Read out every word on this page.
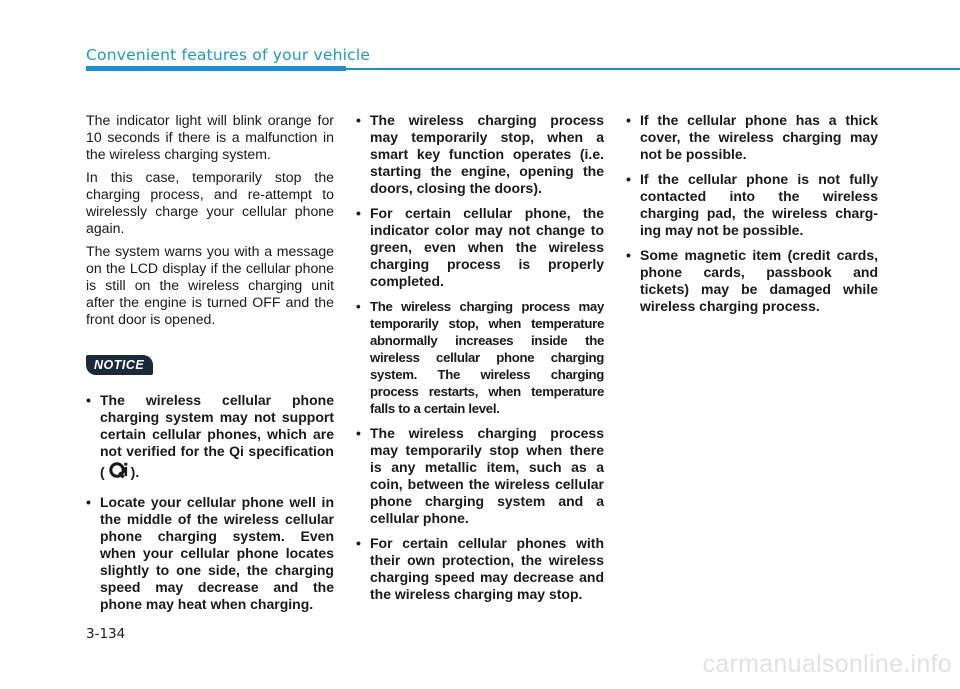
Convenient features of your vehicle

The indicator light will blink orange for 10 seconds if there is a malfunction in the wireless charging system.

In this case, temporarily stop the charging process, and re-attempt to wirelessly charge your cellular phone again.

The system warns you with a message on the LCD display if the cellular phone is still on the wireless charging unit after the engine is turned OFF and the front door is opened.

NOTICE
• The wireless cellular phone charging system may not support certain cellular phones, which are not verified for the Qi specification ( ).
• Locate your cellular phone well in the middle of the wireless cellular phone charging system. Even when your cellular phone locates slightly to one side, the charging speed may decrease and the phone may heat when charging.
• The wireless charging process may temporarily stop, when a smart key function operates (i.e. starting the engine, opening the doors, closing the doors).
• For certain cellular phone, the indicator color may not change to green, even when the wireless charging process is properly completed.
• The wireless charging process may temporarily stop, when temperature abnormally increases inside the wireless cellular phone charging system. The wireless charging process restarts, when temperature falls to a certain level.
• The wireless charging process may temporarily stop when there is any metallic item, such as a coin, between the wireless cellular phone charging system and a cellular phone.
• For certain cellular phones with their own protection, the wireless charging speed may decrease and the wireless charging may stop.
• If the cellular phone has a thick cover, the wireless charging may not be possible.
• If the cellular phone is not fully contacted into the wireless charging pad, the wireless charging may not be possible.
• Some magnetic item (credit cards, phone cards, passbook and tickets) may be damaged while wireless charging process.
3-134
carmanualsonline.info
